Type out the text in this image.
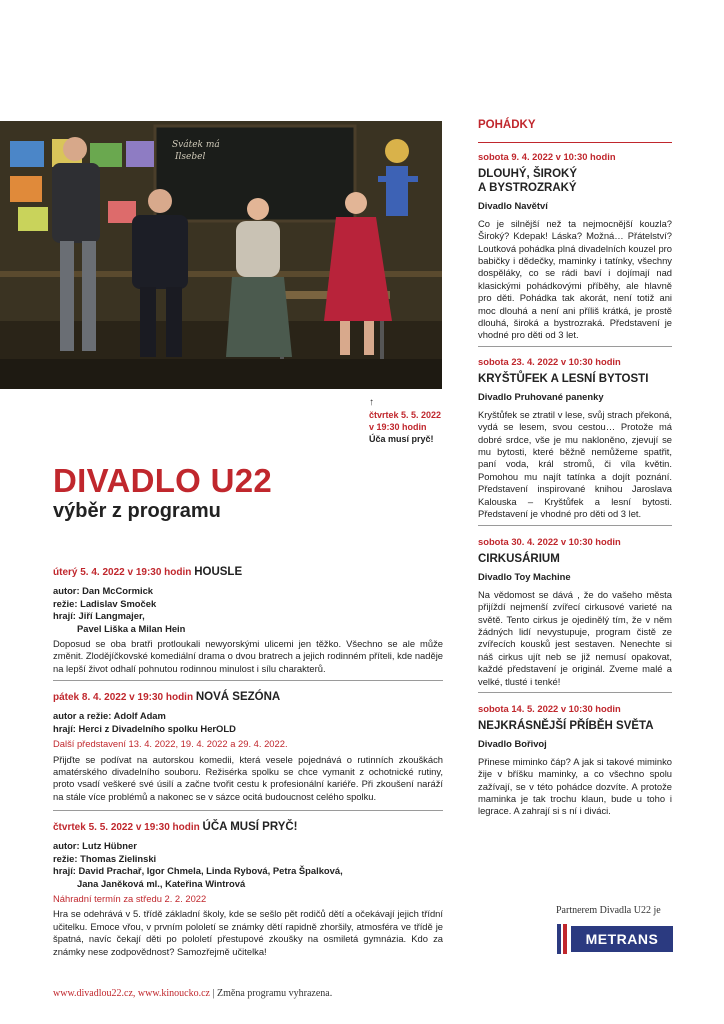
Svátek má
Ilsebel
↑
čtvrtek 5. 5. 2022
v 19:30 hodin
Úča musí pryč!
DIVADLO U22
výběr z programu
úterý 5. 4. 2022 v 19:30 hodin HOUSLE
autor: Dan McCormick
režie: Ladislav Smoček
hrají: Jiří Langmajer,
Pavel Liška a Milan Hein
Doposud se oba bratři protloukali newyorskými ulicemi jen těžko. Všechno se ale může změnit. Zlodějíčkovské komediální drama o dvou bratrech a jejich rodinném příteli, kde naděje na lepší život odhalí pohnutou rodinnou minulost i sílu charakterů.
pátek 8. 4. 2022 v 19:30 hodin NOVÁ SEZÓNA
autor a režie: Adolf Adam
hrají: Herci z Divadelního spolku HerOLD
Další představení 13. 4. 2022, 19. 4. 2022 a 29. 4. 2022.
Přijďte se podívat na autorskou komedii, která vesele pojednává o rutinních zkouškách amatérského divadelního souboru. Režisérka spolku se chce vymanit z ochotnické rutiny, proto vsadí veškeré své úsilí a začne tvořit cestu k profesionální kariéře. Při zkoušení naráží na stále více problémů a nakonec se v sázce ocitá budoucnost celého spolku.
čtvrtek 5. 5. 2022 v 19:30 hodin ÚČA MUSÍ PRYČ!
autor: Lutz Hübner
režie: Thomas Zielinski
hrají: David Prachař, Igor Chmela, Linda Rybová, Petra Špalková,
Jana Janěková ml., Kateřina Wintrová
Náhradní termín za středu 2. 2. 2022
Hra se odehrává v 5. třídě základní školy, kde se sešlo pět rodičů dětí a očekávají jejich třídní učitelku. Emoce vřou, v prvním pololetí se známky dětí rapidně zhoršily, atmosféra ve třídě je špatná, navíc čekají děti po pololetí přestupové zkoušky na osmiletá gymnázia. Kdo za známky nese zodpovědnost? Samozřejmě učitelka!
POHÁDKY
sobota 9. 4. 2022 v 10:30 hodin
DLOUHÝ, ŠIROKÝ
A BYSTROZRAKÝ
Divadlo Navětví
Co je silnější než ta nejmocnější kouzla? Široký? Kdepak! Láska? Možná… Přátelství? Loutková pohádka plná divadelních kouzel pro babičky i dědečky, maminky i tatínky, všechny dospěláky, co se rádi baví i dojímají nad klasickými pohádkovými příběhy, ale hlavně pro děti. Pohádka tak akorát, není totiž ani moc dlouhá a není ani příliš krátká, je prostě dlouhá, široká a bystrozraká. Představení je vhodné pro děti od 3 let.
sobota 23. 4. 2022 v 10:30 hodin
KRYŠTŮFEK A LESNÍ BYTOSTI
Divadlo Pruhované panenky
Kryštůfek se ztratil v lese, svůj strach překoná, vydá se lesem, svou cestou… Protože má dobré srdce, vše je mu nakloněno, zjevují se mu bytosti, které běžně nemůžeme spatřit, paní voda, král stromů, či víla květin. Pomohou mu najít tatínka a dojít poznání. Představení inspirované knihou Jaroslava Kalouska – Kryštůfek a lesní bytosti. Představení je vhodné pro děti od 3 let.
sobota 30. 4. 2022 v 10:30 hodin
CIRKUSÁRIUM
Divadlo Toy Machine
Na vědomost se dává , že do vašeho města přijíždí nejmenší zvířecí cirkusové varieté na světě. Tento cirkus je ojedinělý tím, že v něm žádných lidí nevystupuje, program čistě ze zvířecích kousků jest sestaven. Nenechte si náš cirkus ujít neb se již nemusí opakovat, každé představení je originál. Zveme malé a velké, tlusté i tenké!
sobota 14. 5. 2022 v 10:30 hodin
NEJKRÁSNĚJŠÍ PŘÍBĚH SVĚTA
Divadlo Bořivoj
Přinese miminko čáp? A jak si takové miminko žije v bříšku maminky, a co všechno spolu zažívají, se v této pohádce dozvíte. A protože maminka je tak trochu klaun, bude u toho i legrace. A zahrají si s ní i diváci.
Partnerem Divadla U22 je
METRANS
www.divadlou22.cz, www.kinoucko.cz | Změna programu vyhrazena.
